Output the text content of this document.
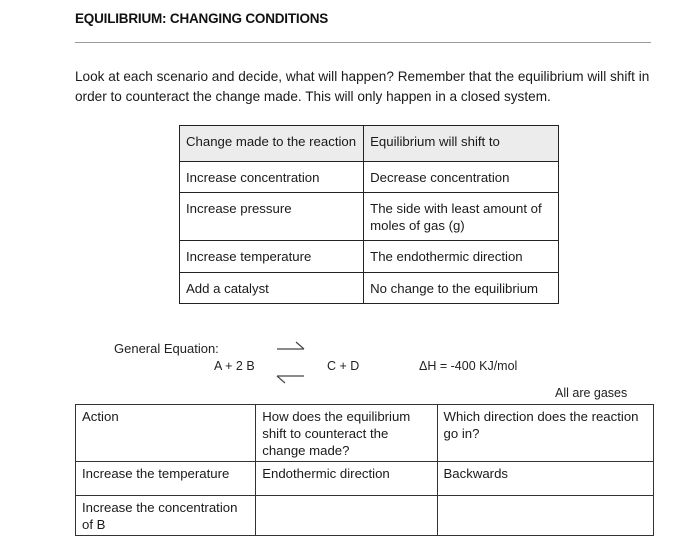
EQUILIBRIUM: CHANGING CONDITIONS
Look at each scenario and decide, what will happen? Remember that the equilibrium will shift in order to counteract the change made. This will only happen in a closed system.
Change made to the reaction	Equilibrium will shift to
Increase concentration	Decrease concentration
Increase pressure	The side with least amount of moles of gas (g)
Increase temperature	The endothermic direction
Add a catalyst	No change to the equilibrium
General Equation:
A + 2 B	C + D	ΔH = -400 KJ/mol
All are gases
Action	How does the equilibrium shift to counteract the change made?	Which direction does the reaction go in?
Increase the temperature	Endothermic direction	Backwards
Increase the concentration of B		
